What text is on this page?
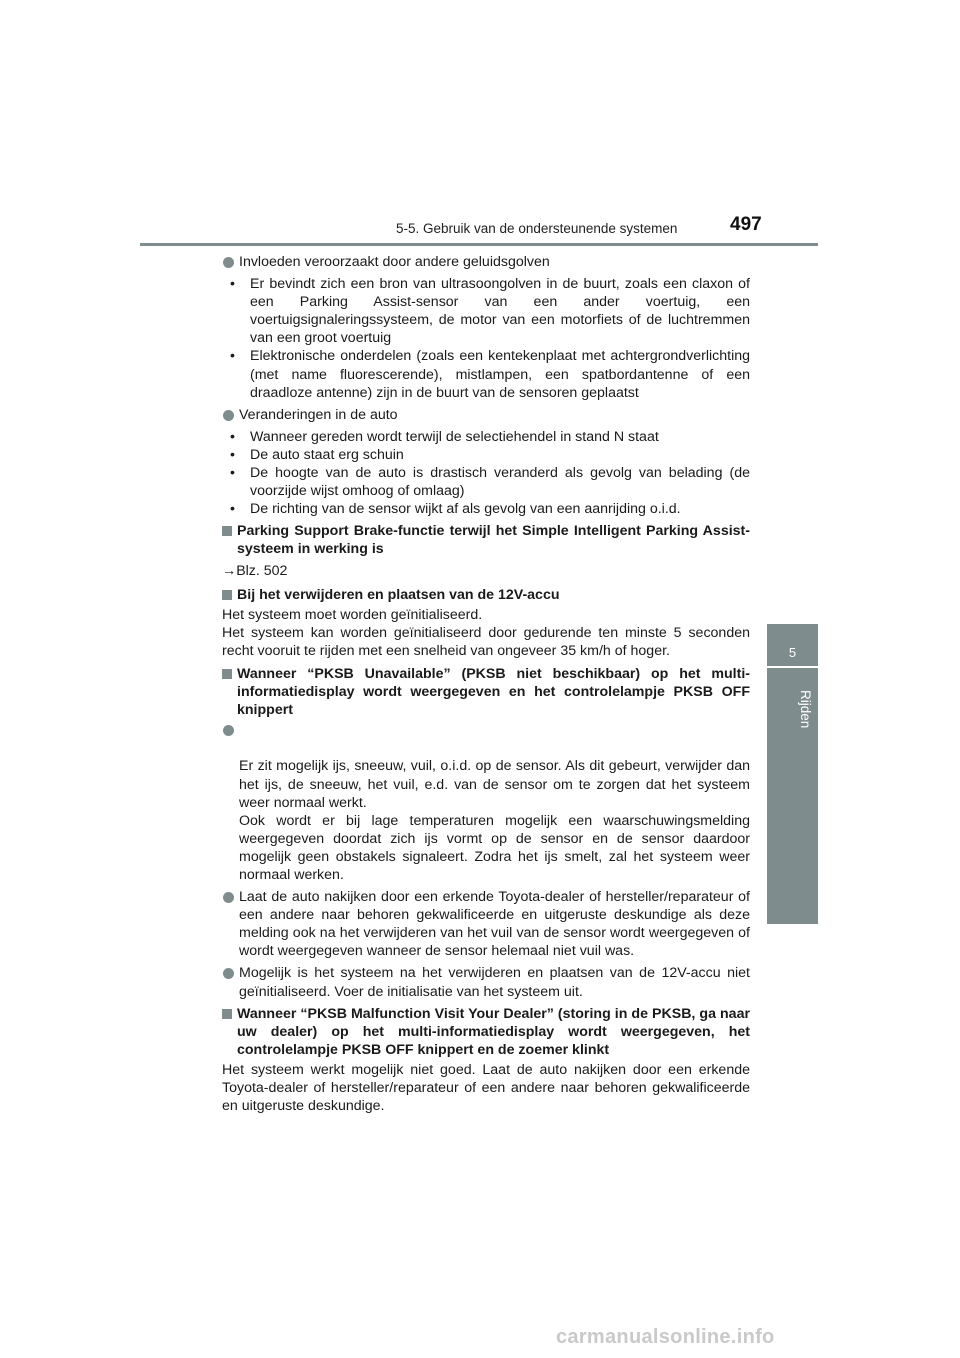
5-5. Gebruik van de ondersteunende systemen	497
5
Rijden
Invloeden veroorzaakt door andere geluidsgolven
• Er bevindt zich een bron van ultrasoongolven in de buurt, zoals een claxon of een Parking Assist-sensor van een ander voertuig, een voertuigsignaleringssysteem, de motor van een motorfiets of de luchtremmen van een groot voertuig
• Elektronische onderdelen (zoals een kentekenplaat met achtergrondverlichting (met name fluorescerende), mistlampen, een spatbordantenne of een draadloze antenne) zijn in de buurt van de sensoren geplaatst
Veranderingen in de auto
• Wanneer gereden wordt terwijl de selectiehendel in stand N staat
• De auto staat erg schuin
• De hoogte van de auto is drastisch veranderd als gevolg van belading (de voorzijde wijst omhoog of omlaag)
• De richting van de sensor wijkt af als gevolg van een aanrijding o.i.d.
Parking Support Brake-functie terwijl het Simple Intelligent Parking Assist-systeem in werking is
→Blz. 502
Bij het verwijderen en plaatsen van de 12V-accu
Het systeem moet worden geïnitialiseerd.
Het systeem kan worden geïnitialiseerd door gedurende ten minste 5 seconden recht vooruit te rijden met een snelheid van ongeveer 35 km/h of hoger.
Wanneer “PKSB Unavailable” (PKSB niet beschikbaar) op het multi-informatiedisplay wordt weergegeven en het controlelampje PKSB OFF knippert

Er zit mogelijk ijs, sneeuw, vuil, o.i.d. op de sensor. Als dit gebeurt, verwijder dan het ijs, de sneeuw, het vuil, e.d. van de sensor om te zorgen dat het systeem weer normaal werkt.
Ook wordt er bij lage temperaturen mogelijk een waarschuwingsmelding weergegeven doordat zich ijs vormt op de sensor en de sensor daardoor mogelijk geen obstakels signaleert. Zodra het ijs smelt, zal het systeem weer normaal werken.

Laat de auto nakijken door een erkende Toyota-dealer of hersteller/reparateur of een andere naar behoren gekwalificeerde en uitgeruste deskundige als deze melding ook na het verwijderen van het vuil van de sensor wordt weergegeven of wordt weergegeven wanneer de sensor helemaal niet vuil was.
Mogelijk is het systeem na het verwijderen en plaatsen van de 12V-accu niet geïnitialiseerd. Voer de initialisatie van het systeem uit.
Wanneer “PKSB Malfunction Visit Your Dealer” (storing in de PKSB, ga naar uw dealer) op het multi-informatiedisplay wordt weergegeven, het controlelampje PKSB OFF knippert en de zoemer klinkt
Het systeem werkt mogelijk niet goed. Laat de auto nakijken door een erkende Toyota-dealer of hersteller/reparateur of een andere naar behoren gekwalificeerde en uitgeruste deskundige.
carmanualsonline.info
